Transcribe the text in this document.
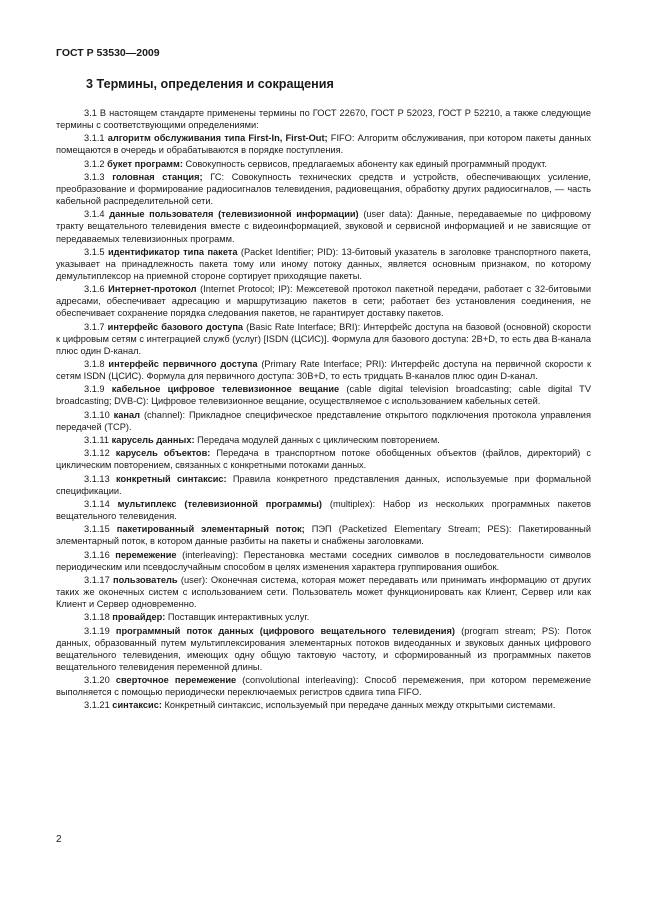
ГОСТ Р 53530—2009
3 Термины, определения и сокращения

3.1 В настоящем стандарте применены термины по ГОСТ 22670, ГОСТ Р 52023, ГОСТ Р 52210, а также следующие термины с соответствующими определениями:

3.1.1 алгоритм обслуживания типа First-In, First-Out; FIFO: Алгоритм обслуживания, при котором пакеты данных помещаются в очередь и обрабатываются в порядке поступления.

3.1.2 букет программ: Совокупность сервисов, предлагаемых абоненту как единый программный продукт.

3.1.3 головная станция; ГС: Совокупность технических средств и устройств, обеспечивающих усиление, преобразование и формирование радиосигналов телевидения, радиовещания, обработку других радиосигналов, — часть кабельной распределительной сети.

3.1.4 данные пользователя (телевизионной информации) (user data): Данные, передаваемые по цифровому тракту вещательного телевидения вместе с видеоинформацией, звуковой и сервисной информацией и не зависящие от передаваемых телевизионных программ.

3.1.5 идентификатор типа пакета (Packet Identifier; PID): 13-битовый указатель в заголовке транспортного пакета, указывает на принадлежность пакета тому или иному потоку данных, является основным признаком, по которому демультиплексор на приемной стороне сортирует приходящие пакеты.

3.1.6 Интернет-протокол (Internet Protocol; IP): Межсетевой протокол пакетной передачи, работает с 32-битовыми адресами, обеспечивает адресацию и маршрутизацию пакетов в сети; работает без установления соединения, не обеспечивает сохранение порядка следования пакетов, не гарантирует доставку пакетов.

3.1.7 интерфейс базового доступа (Basic Rate Interface; BRI): Интерфейс доступа на базовой (основной) скорости к цифровым сетям с интеграцией служб (услуг) [ISDN (ЦСИС)]. Формула для базового доступа: 2B+D, то есть два B-канала плюс один D-канал.

3.1.8 интерфейс первичного доступа (Primary Rate Interface; PRI): Интерфейс доступа на первичной скорости к сетям ISDN (ЦСИС). Формула для первичного доступа: 30B+D, то есть тридцать B-каналов плюс один D-канал.

3.1.9 кабельное цифровое телевизионное вещание (cable digital television broadcasting; cable digital TV broadcasting; DVB-C): Цифровое телевизионное вещание, осуществляемое с использованием кабельных сетей.

3.1.10 канал (channel): Прикладное специфическое представление открытого подключения протокола управления передачей (TCP).

3.1.11 карусель данных: Передача модулей данных с циклическим повторением.

3.1.12 карусель объектов: Передача в транспортном потоке обобщенных объектов (файлов, директорий) с циклическим повторением, связанных с конкретными потоками данных.

3.1.13 конкретный синтаксис: Правила конкретного представления данных, используемые при формальной спецификации.

3.1.14 мультиплекс (телевизионной программы) (multiplex): Набор из нескольких программных пакетов вещательного телевидения.

3.1.15 пакетированный элементарный поток; ПЭП (Packetized Elementary Stream; PES): Пакетированный элементарный поток, в котором данные разбиты на пакеты и снабжены заголовками.

3.1.16 перемежение (interleaving): Перестановка местами соседних символов в последовательности символов периодическим или псевдослучайным способом в целях изменения характера группирования ошибок.

3.1.17 пользователь (user): Оконечная система, которая может передавать или принимать информацию от других таких же оконечных систем с использованием сети. Пользователь может функционировать как Клиент, Сервер или как Клиент и Сервер одновременно.

3.1.18 провайдер: Поставщик интерактивных услуг.

3.1.19 программный поток данных (цифрового вещательного телевидения) (program stream; PS): Поток данных, образованный путем мультиплексирования элементарных потоков видеоданных и звуковых данных цифрового вещательного телевидения, имеющих одну общую тактовую частоту, и сформированный из программных пакетов вещательного телевидения переменной длины.

3.1.20 сверточное перемежение (convolutional interleaving): Способ перемежения, при котором перемежение выполняется с помощью периодически переключаемых регистров сдвига типа FIFO.

3.1.21 синтаксис: Конкретный синтаксис, используемый при передаче данных между открытыми системами.

2
